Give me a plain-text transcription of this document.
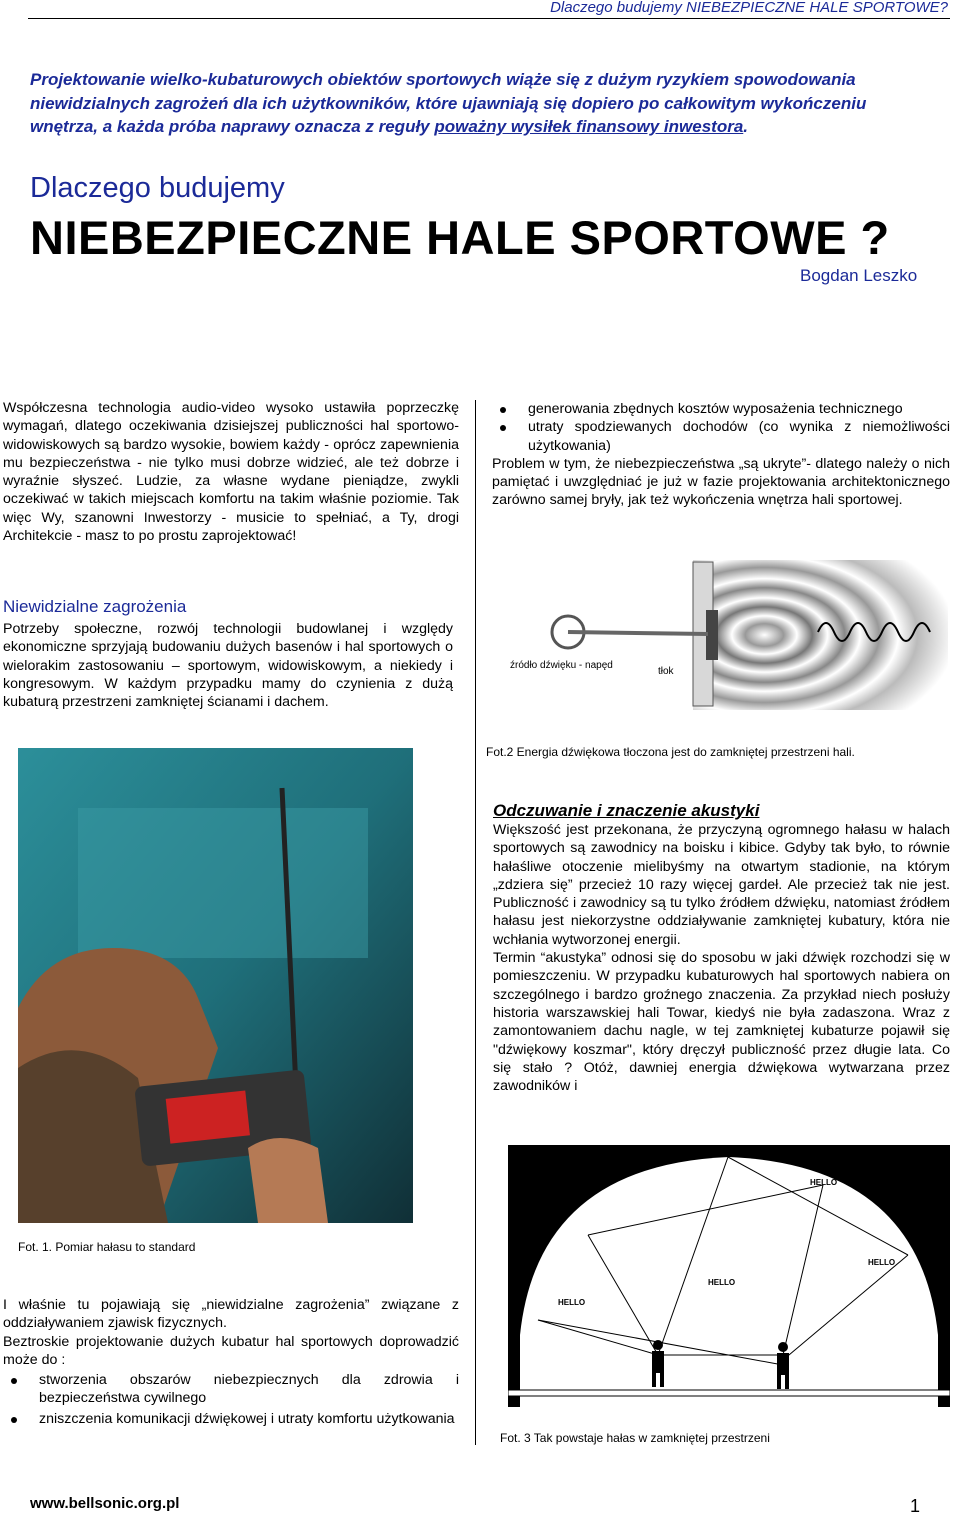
Dlaczego budujemy NIEBEZPIECZNE HALE SPORTOWE?
Projektowanie wielko-kubaturowych obiektów sportowych wiąże się z dużym ryzykiem spowodowania niewidzialnych zagrożeń dla ich użytkowników, które ujawniają się dopiero po całkowitym wykończeniu wnętrza, a każda próba naprawy oznacza z reguły poważny wysiłek finansowy inwestora.
Dlaczego budujemy
NIEBEZPIECZNE HALE SPORTOWE ?
Bogdan Leszko
Współczesna technologia audio-video wysoko ustawiła poprzeczkę wymagań, dlatego oczekiwania dzisiejszej publiczności hal sportowo-widowiskowych są bardzo wysokie, bowiem każdy - oprócz zapewnienia mu bezpieczeństwa - nie tylko musi dobrze widzieć, ale też dobrze i wyraźnie słyszeć. Ludzie, za własne wydane pieniądze, zwykli oczekiwać w takich miejscach komfortu na takim właśnie poziomie. Tak więc Wy, szanowni Inwestorzy - musicie to spełniać, a Ty, drogi Architekcie - masz to po prostu zaprojektować!
generowania zbędnych kosztów wyposażenia technicznego
utraty spodziewanych dochodów (co wynika z niemożliwości użytkowania)
Problem w tym, że niebezpieczeństwa „są ukryte”- dlatego należy o nich pamiętać i uwzględniać je już w fazie projektowania architektonicznego zarówno samej bryły, jak też wykończenia wnętrza hali sportowej.
Niewidzialne zagrożenia
Potrzeby społeczne, rozwój technologii budowlanej i względy ekonomiczne sprzyjają budowaniu dużych basenów i hal sportowych o wielorakim zastosowaniu – sportowym, widowiskowym, a niekiedy i kongresowym. W każdym przypadku mamy do czynienia z dużą kubaturą przestrzeni zamkniętej ścianami i dachem.
źródło dźwięku - napęd
tłok
Fot.2 Energia dźwiękowa tłoczona jest do zamkniętej przestrzeni hali.
Fot. 1. Pomiar hałasu to standard
Odczuwanie i znaczenie akustyki
Większość jest przekonana, że przyczyną ogromnego hałasu w halach sportowych są zawodnicy na boisku i kibice. Gdyby tak było, to równie hałaśliwe otoczenie mielibyśmy na otwartym stadionie, na którym „zdziera się” przecież 10 razy więcej gardeł. Ale przecież tak nie jest. Publiczność i zawodnicy są tu tylko źródłem dźwięku, natomiast źródłem hałasu jest niekorzystne oddziaływanie zamkniętej kubatury, która nie wchłania wytworzonej energii.
Termin “akustyka” odnosi się do sposobu w jaki dźwięk rozchodzi się w pomieszczeniu. W przypadku kubaturowych hal sportowych nabiera on szczególnego i bardzo groźnego znaczenia. Za przykład niech posłuży historia warszawskiej hali Towar, kiedyś nie była zadaszona. Wraz z zamontowaniem dachu nagle, w tej zamkniętej kubaturze pojawił się "dźwiękowy koszmar", który dręczył publiczność przez długie lata. Co się stało ? Otóż, dawniej energia dźwiękowa wytwarzana przez zawodników i
HELLO
HELLO
HELLO
HELLO
Fot. 3 Tak powstaje hałas w zamkniętej przestrzeni
I właśnie tu pojawiają się „niewidzialne zagrożenia” związane z oddziaływaniem zjawisk fizycznych.
Beztroskie projektowanie dużych kubatur hal sportowych doprowadzić może do :
stworzenia obszarów niebezpiecznych dla zdrowia i bezpieczeństwa cywilnego
zniszczenia komunikacji dźwiękowej i utraty komfortu użytkowania
www.bellsonic.org.pl	1
